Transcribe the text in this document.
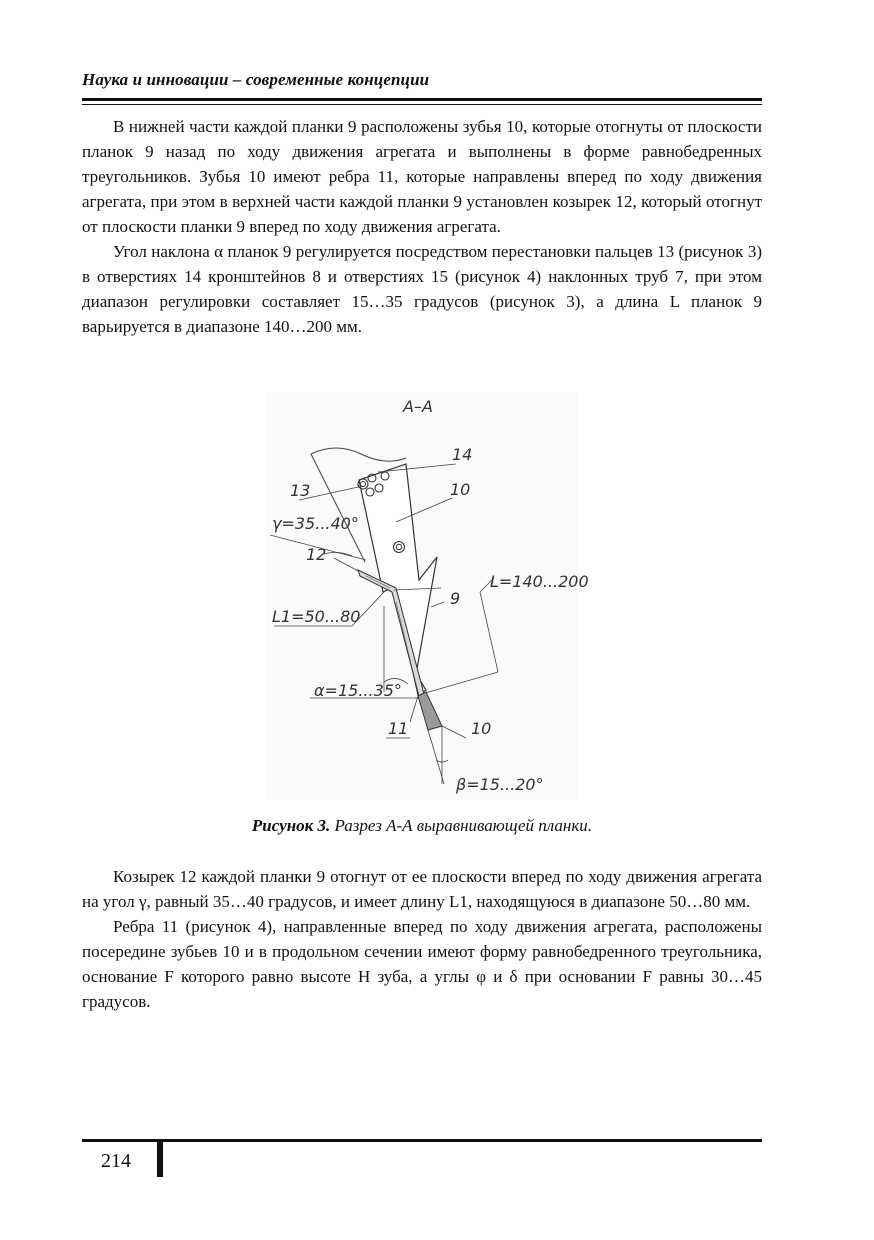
Наука и инновации – современные концепции

В нижней части каждой планки 9 расположены зубья 10, которые отогнуты от плоскости планок 9 назад по ходу движения агрегата и выполнены в форме равнобедренных треугольников. Зубья 10 имеют ребра 11, которые направлены вперед по ходу движения агрегата, при этом в верхней части каждой планки 9 установлен козырек 12, который отогнут от плоскости планки 9 вперед по ходу движения агрегата.

Угол наклона α планок 9 регулируется посредством перестановки пальцев 13 (рисунок 3) в отверстиях 14 кронштейнов 8 и отверстиях 15 (рисунок 4) наклонных труб 7, при этом диапазон регулировки составляет 15…35 градусов (рисунок 3), а длина L планок 9 варьируется в диапазоне 140…200 мм.

А–А
14
13	10
γ=35...40°
12
L=140...200
9
L1=50...80
α=15...35°
11	10
β=15...20°
Рисунок 3. Разрез А-А выравнивающей планки.

Козырек 12 каждой планки 9 отогнут от ее плоскости вперед по ходу движения агрегата на угол γ, равный 35…40 градусов, и имеет длину L1, находящуюся в диапазоне 50…80 мм.

Ребра 11 (рисунок 4), направленные вперед по ходу движения агрегата, расположены посередине зубьев 10 и в продольном сечении имеют форму равнобедренного треугольника, основание F которого равно высоте H зуба, а углы φ и δ при основании F равны 30…45 градусов.

214
